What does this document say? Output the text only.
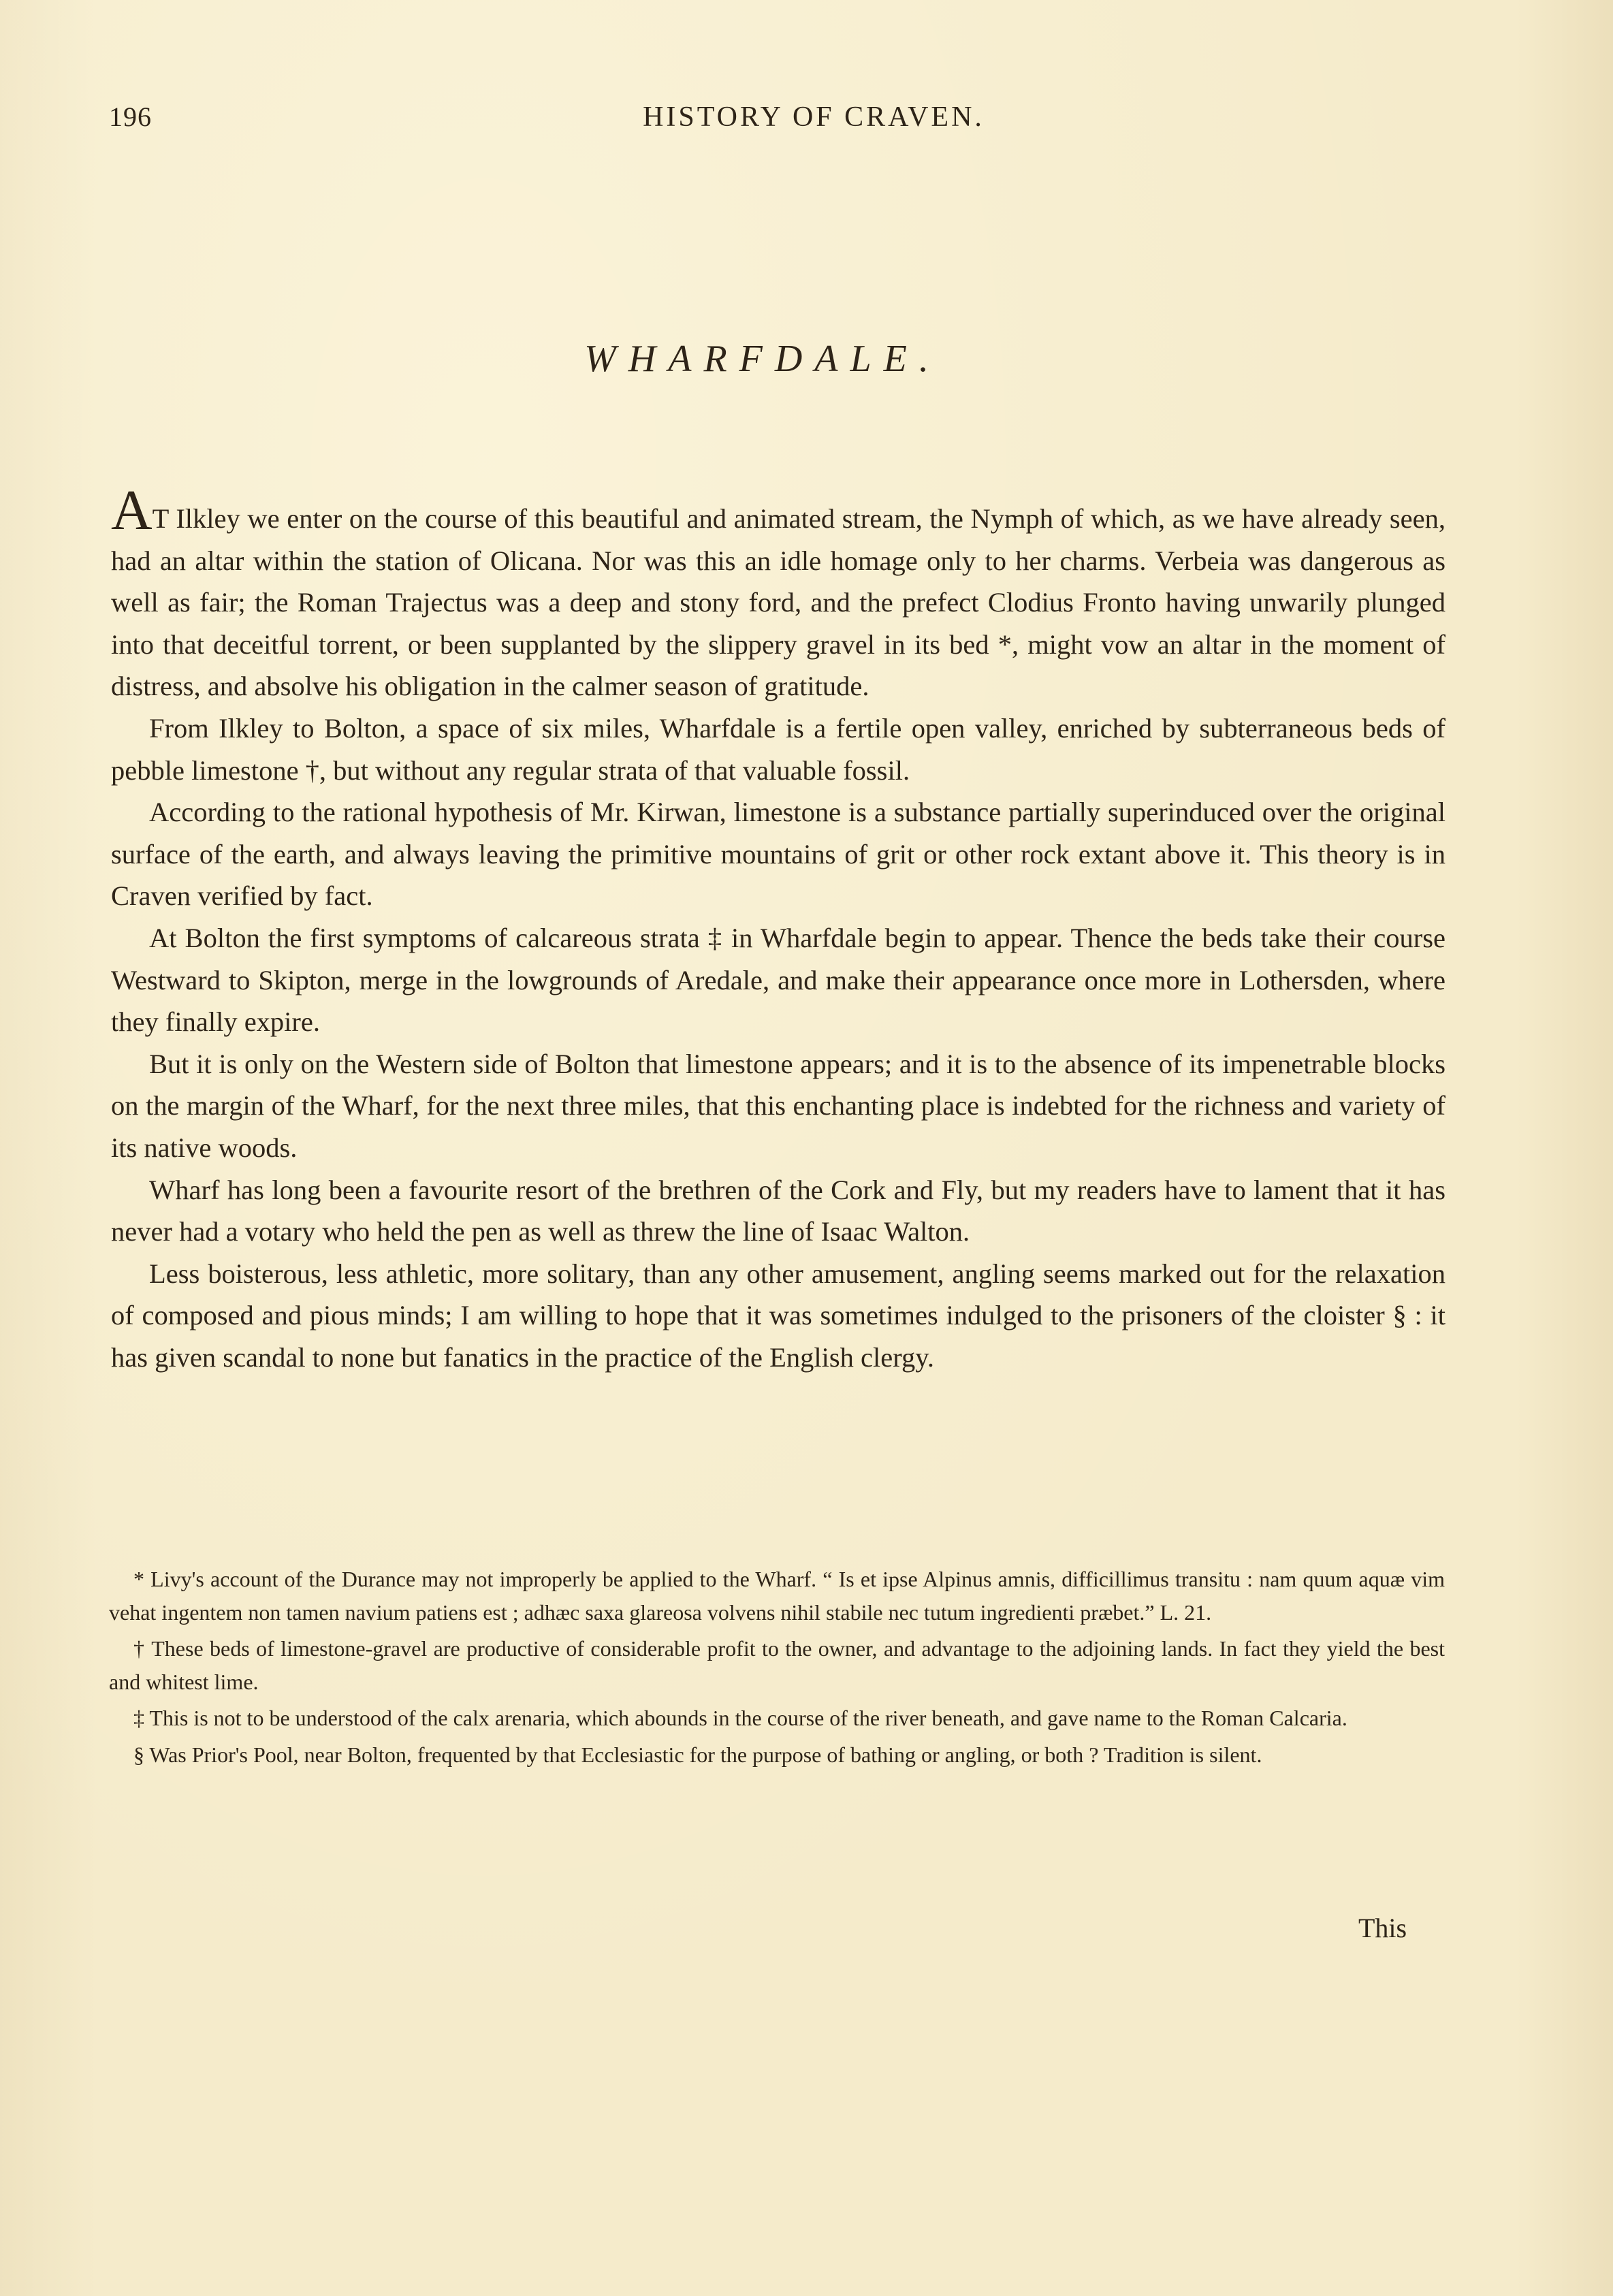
196	HISTORY OF CRAVEN.
WHARFDALE.

AT Ilkley we enter on the course of this beautiful and animated stream, the Nymph of which, as we have already seen, had an altar within the station of Olicana. Nor was this an idle homage only to her charms. Verbeia was dangerous as well as fair; the Roman Trajectus was a deep and stony ford, and the prefect Clodius Fronto having unwarily plunged into that deceitful torrent, or been supplanted by the slippery gravel in its bed *, might vow an altar in the moment of distress, and absolve his obligation in the calmer season of gratitude.

From Ilkley to Bolton, a space of six miles, Wharfdale is a fertile open valley, enriched by subterraneous beds of pebble limestone †, but without any regular strata of that valuable fossil.

According to the rational hypothesis of Mr. Kirwan, limestone is a substance partially superinduced over the original surface of the earth, and always leaving the primitive mountains of grit or other rock extant above it. This theory is in Craven verified by fact.

At Bolton the first symptoms of calcareous strata ‡ in Wharfdale begin to appear. Thence the beds take their course Westward to Skipton, merge in the lowgrounds of Aredale, and make their appearance once more in Lothersden, where they finally expire.

But it is only on the Western side of Bolton that limestone appears; and it is to the absence of its impenetrable blocks on the margin of the Wharf, for the next three miles, that this enchanting place is indebted for the richness and variety of its native woods.

Wharf has long been a favourite resort of the brethren of the Cork and Fly, but my readers have to lament that it has never had a votary who held the pen as well as threw the line of Isaac Walton.

Less boisterous, less athletic, more solitary, than any other amusement, angling seems marked out for the relaxation of composed and pious minds; I am willing to hope that it was sometimes indulged to the prisoners of the cloister § : it has given scandal to none but fanatics in the practice of the English clergy.

* Livy's account of the Durance may not improperly be applied to the Wharf. “ Is et ipse Alpinus amnis, difficillimus transitu : nam quum aquæ vim vehat ingentem non tamen navium patiens est ; adhæc saxa glareosa volvens nihil stabile nec tutum ingredienti præbet.” L. 21.

† These beds of limestone-gravel are productive of considerable profit to the owner, and advantage to the adjoining lands. In fact they yield the best and whitest lime.

‡ This is not to be understood of the calx arenaria, which abounds in the course of the river beneath, and gave name to the Roman Calcaria.

§ Was Prior's Pool, near Bolton, frequented by that Ecclesiastic for the purpose of bathing or angling, or both ? Tradition is silent.

This
